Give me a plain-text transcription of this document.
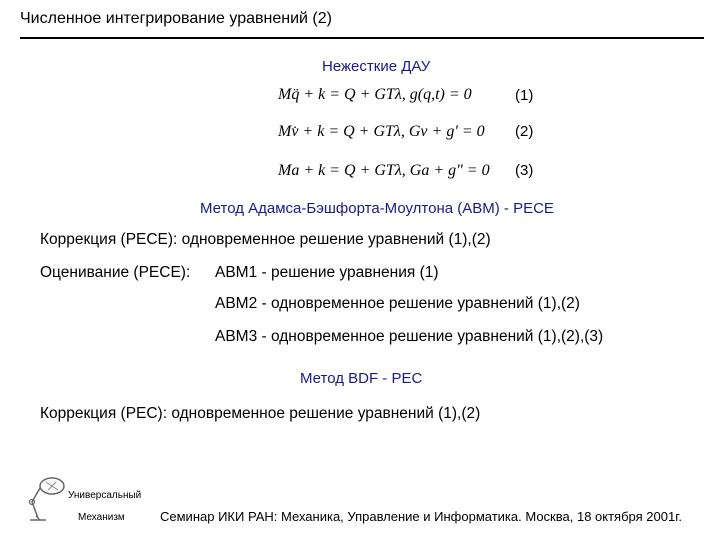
Численное интегрирование уравнений (2)
Нежесткие ДАУ
Mq̈ + k = Q + GTλ, g(q,t) = 0	(1)
Mv̇ + k = Q + GTλ, Gv + g′ = 0 (2)
Ma + k = Q + GTλ, Ga + g″ = 0 (3)
Метод Адамса-Бэшфорта-Моултона (ABM) - PECE
Коррекция (PECE): одновременное решение уравнений (1),(2)
Оценивание (PECE): ABM1 - решение уравнения (1)
ABM2 - одновременное решение уравнений (1),(2)
ABM3 - одновременное решение уравнений (1),(2),(3)
Метод BDF - PEC
Коррекция (PEC): одновременное решение уравнений (1),(2)
Универсальный
Механизм	Семинар ИКИ РАН: Механика, Управление и Информатика. Москва, 18 октября 2001г.
